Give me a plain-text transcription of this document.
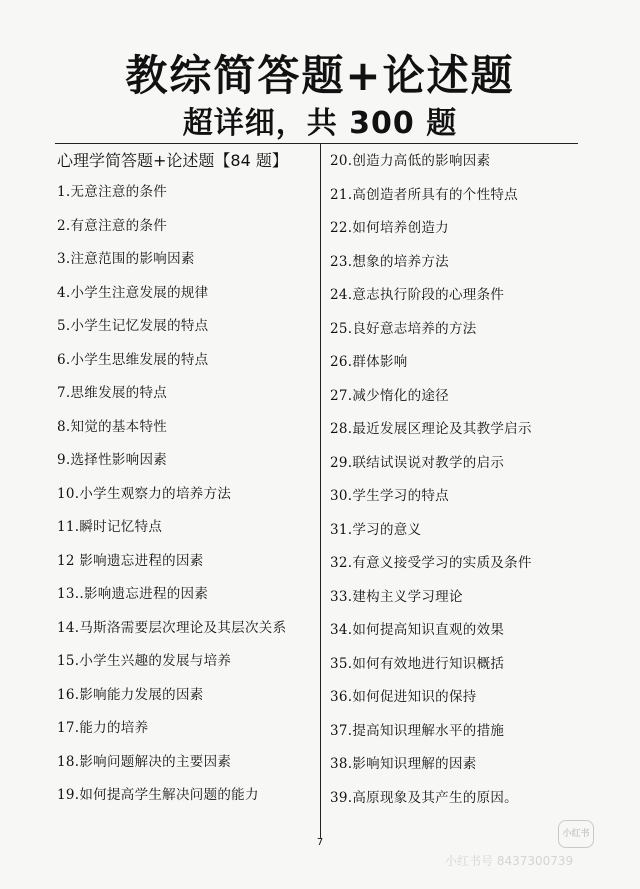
教综简答题+论述题
超详细，共 300 题
心理学简答题+论述题【84 题】
1.无意注意的条件
2.有意注意的条件
3.注意范围的影响因素
4.小学生注意发展的规律
5.小学生记忆发展的特点
6.小学生思维发展的特点
7.思维发展的特点
8.知觉的基本特性
9.选择性影响因素
10.小学生观察力的培养方法
11.瞬时记忆特点
12 影响遗忘进程的因素
13..影响遗忘进程的因素
14.马斯洛需要层次理论及其层次关系
15.小学生兴趣的发展与培养
16.影响能力发展的因素
17.能力的培养
18.影响问题解决的主要因素
19.如何提高学生解决问题的能力
20.创造力高低的影响因素
21.高创造者所具有的个性特点
22.如何培养创造力
23.想象的培养方法
24.意志执行阶段的心理条件
25.良好意志培养的方法
26.群体影响
27.减少惰化的途径
28.最近发展区理论及其教学启示
29.联结试误说对教学的启示
30.学生学习的特点
31.学习的意义
32.有意义接受学习的实质及条件
33.建构主义学习理论
34.如何提高知识直观的效果
35.如何有效地进行知识概括
36.如何促进知识的保持
37.提高知识理解水平的措施
38.影响知识理解的因素
39.高原现象及其产生的原因。
7
小红书
小红书号 8437300739
